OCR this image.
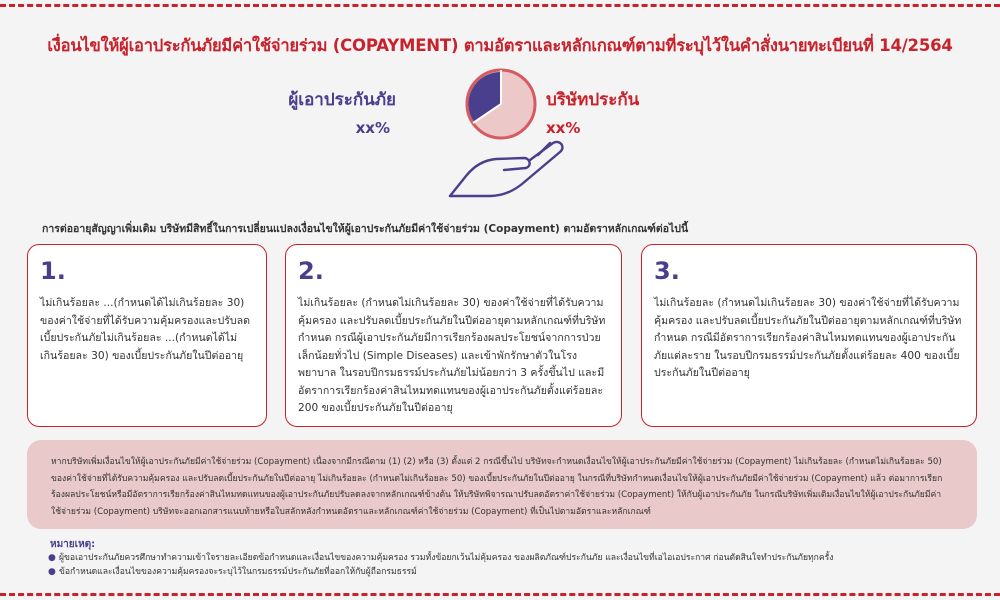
เงื่อนไขให้ผู้เอาประกันภัยมีค่าใช้จ่ายร่วม (COPAYMENT) ตามอัตราและหลักเกณฑ์ตามที่ระบุไว้ในคำสั่งนายทะเบียนที่ 14/2564
ผู้เอาประกันภัย
xx%
บริษัทประกัน
xx%
การต่ออายุสัญญาเพิ่มเติม บริษัทมีสิทธิ์ในการเปลี่ยนแปลงเงื่อนไขให้ผู้เอาประกันภัยมีค่าใช้จ่ายร่วม (Copayment) ตามอัตราหลักเกณฑ์ต่อไปนี้
1.
ไม่เกินร้อยละ ...(กำหนดได้ไม่เกินร้อยละ 30) ของค่าใช้จ่ายที่ได้รับความคุ้มครองและปรับลดเบี้ยประกันภัยไม่เกินร้อยละ ...(กำหนดได้ไม่เกินร้อยละ 30) ของเบี้ยประกันภัยในปีต่ออายุ
2.
ไม่เกินร้อยละ (กำหนดไม่เกินร้อยละ 30) ของค่าใช้จ่ายที่ได้รับความคุ้มครอง และปรับลดเบี้ยประกันภัยในปีต่ออายุตามหลักเกณฑ์ที่บริษัทกำหนด กรณีผู้เอาประกันภัยมีการเรียกร้องผลประโยชน์จากการป่วยเล็กน้อยทั่วไป (Simple Diseases) และเข้าพักรักษาตัวในโรงพยาบาล ในรอบปีกรมธรรม์ประกันภัยไม่น้อยกว่า 3 ครั้งขึ้นไป และมีอัตราการเรียกร้องค่าสินไหมทดแทนของผู้เอาประกันภัยตั้งแต่ร้อยละ 200 ของเบี้ยประกันภัยในปีต่ออายุ
3.
ไม่เกินร้อยละ (กำหนดไม่เกินร้อยละ 30) ของค่าใช้จ่ายที่ได้รับความคุ้มครอง และปรับลดเบี้ยประกันภัยในปีต่ออายุตามหลักเกณฑ์ที่บริษัทกำหนด กรณีมีอัตราการเรียกร้องค่าสินไหมทดแทนของผู้เอาประกันภัยแต่ละราย ในรอบปีกรมธรรม์ประกันภัยตั้งแต่ร้อยละ 400 ของเบี้ยประกันภัยในปีต่ออายุ
หากบริษัทเพิ่มเงื่อนไขให้ผู้เอาประกันภัยมีค่าใช้จ่ายร่วม (Copayment) เนื่องจากมีกรณีตาม (1) (2) หรือ (3) ตั้งแต่ 2 กรณีขึ้นไป บริษัทจะกำหนดเงื่อนไขให้ผู้เอาประกันภัยมีค่าใช้จ่ายร่วม (Copayment) ไม่เกินร้อยละ (กำหนดไม่เกินร้อยละ 50) ของค่าใช้จ่ายที่ได้รับความคุ้มครอง และปรับลดเบี้ยประกันภัยในปีต่ออายุ ไม่เกินร้อยละ (กำหนดไม่เกินร้อยละ 50) ของเบี้ยประกันภัยในปีต่ออายุ ในกรณีที่บริษัทกำหนดเงื่อนไขให้ผู้เอาประกันภัยมีค่าใช้จ่ายร่วม (Copayment) แล้ว ต่อมาการเรียกร้องผลประโยชน์หรือมีอัตราการเรียกร้องค่าสินไหมทดแทนของผู้เอาประกันภัยปรับลดลงจากหลักเกณฑ์ข้างต้น ให้บริษัทพิจารณาปรับลดอัตราค่าใช้จ่ายร่วม (Copayment) ให้กับผู้เอาประกันภัย ในกรณีบริษัทเพิ่มเติมเงื่อนไขให้ผู้เอาประกันภัยมีค่าใช้จ่ายร่วม (Copayment) บริษัทจะออกเอกสารแนบท้ายหรือใบสลักหลังกำหนดอัตราและหลักเกณฑ์ค่าใช้จ่ายร่วม (Copayment) ที่เป็นไปตามอัตราและหลักเกณฑ์
หมายเหตุ:
● ผู้ขอเอาประกันภัยควรศึกษาทำความเข้าใจรายละเอียดข้อกำหนดและเงื่อนไขของความคุ้มครอง รวมทั้งข้อยกเว้นไม่คุ้มครอง ของผลิตภัณฑ์ประกันภัย และเงื่อนไขที่เอไอเอประกาศ ก่อนตัดสินใจทำประกันภัยทุกครั้ง
● ข้อกำหนดและเงื่อนไขของความคุ้มครองจะระบุไว้ในกรมธรรม์ประกันภัยที่ออกให้กับผู้ถือกรมธรรม์
